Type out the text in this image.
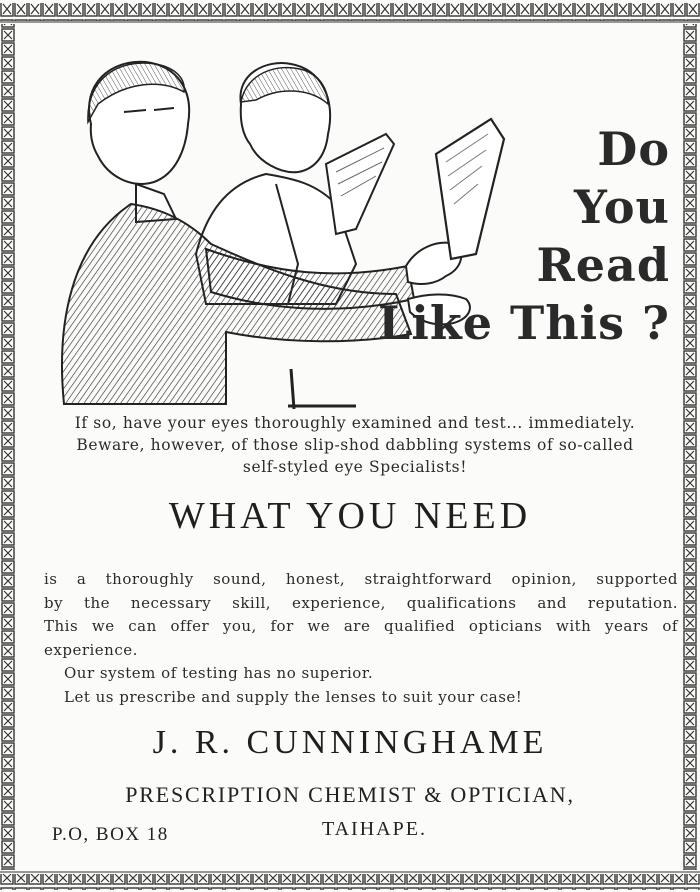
Do
You
Read
Like This ?
If so, have your eyes thoroughly examined and test... immediately.
Beware, however, of those slip-shod dabbling systems of so-called
self-styled eye Specialists!
WHAT YOU NEED
is a thoroughly sound, honest, straightforward opinion, supported
by the necessary skill, experience, qualifications and reputation.
This we can offer you, for we are qualified opticians with years of
experience.
Our system of testing has no superior.
Let us prescribe and supply the lenses to suit your case!
J. R. CUNNINGHAME
PRESCRIPTION CHEMIST & OPTICIAN,
P.O, BOX 18	TAIHAPE.
